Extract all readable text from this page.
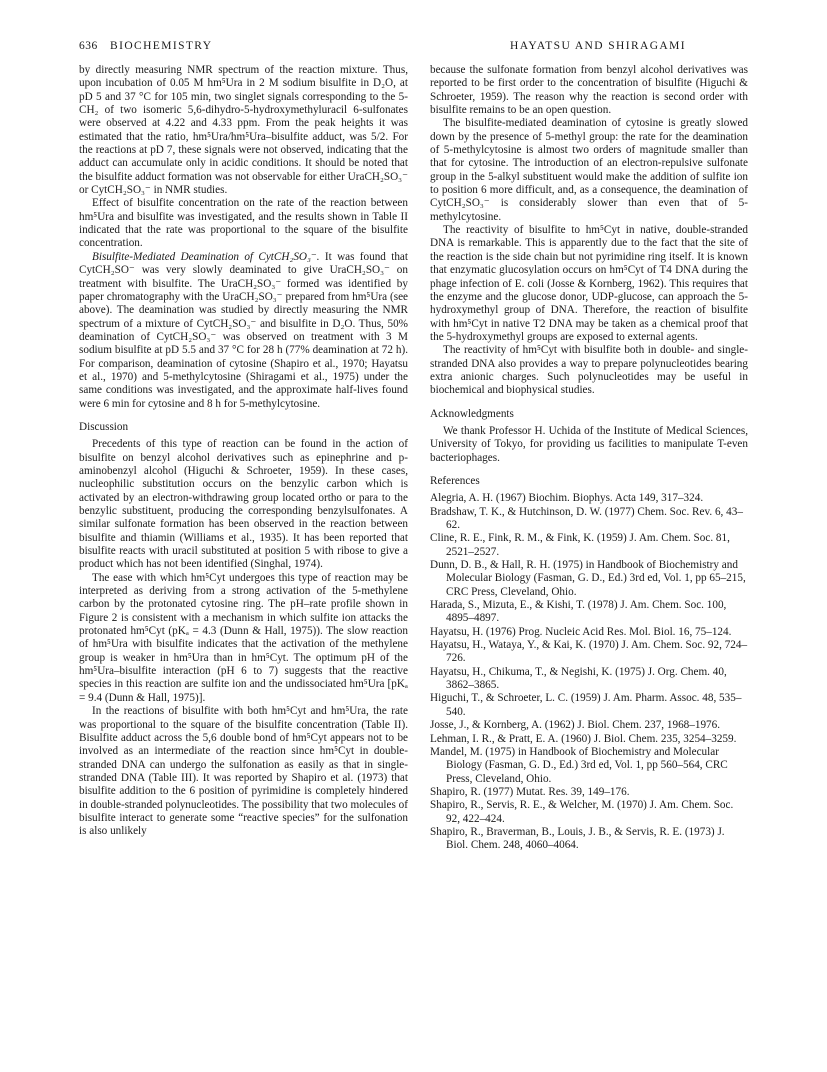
636 BIOCHEMISTRY	HAYATSU AND SHIRAGAMI

by directly measuring NMR spectrum of the reaction mixture. Thus, upon incubation of 0.05 M hm⁵Ura in 2 M sodium bisulfite in D₂O, at pD 5 and 37 °C for 105 min, two singlet signals corresponding to the 5-CH₂ of two isomeric 5,6-dihydro-5-hydroxymethyluracil 6-sulfonates were observed at 4.22 and 4.33 ppm. From the peak heights it was estimated that the ratio, hm⁵Ura/hm⁵Ura–bisulfite adduct, was 5/2. For the reactions at pD 7, these signals were not observed, indicating that the adduct can accumulate only in acidic conditions. It should be noted that the bisulfite adduct formation was not observable for either UraCH₂SO₃⁻ or CytCH₂SO₃⁻ in NMR studies.

Effect of bisulfite concentration on the rate of the reaction between hm⁵Ura and bisulfite was investigated, and the results shown in Table II indicated that the rate was proportional to the square of the bisulfite concentration.

Bisulfite-Mediated Deamination of CytCH₂SO₃⁻. It was found that CytCH₂SO⁻ was very slowly deaminated to give UraCH₂SO₃⁻ on treatment with bisulfite. The UraCH₂SO₃⁻ formed was identified by paper chromatography with the UraCH₂SO₃⁻ prepared from hm⁵Ura (see above). The deamination was studied by directly measuring the NMR spectrum of a mixture of CytCH₂SO₃⁻ and bisulfite in D₂O. Thus, 50% deamination of CytCH₂SO₃⁻ was observed on treatment with 3 M sodium bisulfite at pD 5.5 and 37 °C for 28 h (77% deamination at 72 h). For comparison, deamination of cytosine (Shapiro et al., 1970; Hayatsu et al., 1970) and 5-methylcytosine (Shiragami et al., 1975) under the same conditions was investigated, and the approximate half-lives found were 6 min for cytosine and 8 h for 5-methylcytosine.

Discussion

Precedents of this type of reaction can be found in the action of bisulfite on benzyl alcohol derivatives such as epinephrine and p-aminobenzyl alcohol (Higuchi & Schroeter, 1959). In these cases, nucleophilic substitution occurs on the benzylic carbon which is activated by an electron-withdrawing group located ortho or para to the benzylic substituent, producing the corresponding benzylsulfonates. A similar sulfonate formation has been observed in the reaction between bisulfite and thiamin (Williams et al., 1935). It has been reported that bisulfite reacts with uracil substituted at position 5 with ribose to give a product which has not been identified (Singhal, 1974).

The ease with which hm⁵Cyt undergoes this type of reaction may be interpreted as deriving from a strong activation of the 5-methylene carbon by the protonated cytosine ring. The pH–rate profile shown in Figure 2 is consistent with a mechanism in which sulfite ion attacks the protonated hm⁵Cyt (pKₐ = 4.3 (Dunn & Hall, 1975)). The slow reaction of hm⁵Ura with bisulfite indicates that the activation of the methylene group is weaker in hm⁵Ura than in hm⁵Cyt. The optimum pH of the hm⁵Ura–bisulfite interaction (pH 6 to 7) suggests that the reactive species in this reaction are sulfite ion and the undissociated hm⁵Ura [pKₐ = 9.4 (Dunn & Hall, 1975)].

In the reactions of bisulfite with both hm⁵Cyt and hm⁵Ura, the rate was proportional to the square of the bisulfite concentration (Table II). Bisulfite adduct across the 5,6 double bond of hm⁵Cyt appears not to be involved as an intermediate of the reaction since hm⁵Cyt in double-stranded DNA can undergo the sulfonation as easily as that in single-stranded DNA (Table III). It was reported by Shapiro et al. (1973) that bisulfite addition to the 6 position of pyrimidine is completely hindered in double-stranded polynucleotides. The possibility that two molecules of bisulfite interact to generate some “reactive species” for the sulfonation is also unlikely

because the sulfonate formation from benzyl alcohol derivatives was reported to be first order to the concentration of bisulfite (Higuchi & Schroeter, 1959). The reason why the reaction is second order with bisulfite remains to be an open question.

The bisulfite-mediated deamination of cytosine is greatly slowed down by the presence of 5-methyl group: the rate for the deamination of 5-methylcytosine is almost two orders of magnitude smaller than that for cytosine. The introduction of an electron-repulsive sulfonate group in the 5-alkyl substituent would make the addition of sulfite ion to position 6 more difficult, and, as a consequence, the deamination of CytCH₂SO₃⁻ is considerably slower than even that of 5-methylcytosine.

The reactivity of bisulfite to hm⁵Cyt in native, double-stranded DNA is remarkable. This is apparently due to the fact that the site of the reaction is the side chain but not pyrimidine ring itself. It is known that enzymatic glucosylation occurs on hm⁵Cyt of T4 DNA during the phage infection of E. coli (Josse & Kornberg, 1962). This requires that the enzyme and the glucose donor, UDP-glucose, can approach the 5-hydroxymethyl group of DNA. Therefore, the reaction of bisulfite with hm⁵Cyt in native T2 DNA may be taken as a chemical proof that the 5-hydroxymethyl groups are exposed to external agents.

The reactivity of hm⁵Cyt with bisulfite both in double- and single-stranded DNA also provides a way to prepare polynucleotides bearing extra anionic charges. Such polynucleotides may be useful in biochemical and biophysical studies.

Acknowledgments

We thank Professor H. Uchida of the Institute of Medical Sciences, University of Tokyo, for providing us facilities to manipulate T-even bacteriophages.

References

Alegria, A. H. (1967) Biochim. Biophys. Acta 149, 317–324.

Bradshaw, T. K., & Hutchinson, D. W. (1977) Chem. Soc. Rev. 6, 43–62.

Cline, R. E., Fink, R. M., & Fink, K. (1959) J. Am. Chem. Soc. 81, 2521–2527.

Dunn, D. B., & Hall, R. H. (1975) in Handbook of Biochemistry and Molecular Biology (Fasman, G. D., Ed.) 3rd ed, Vol. 1, pp 65–215, CRC Press, Cleveland, Ohio.

Harada, S., Mizuta, E., & Kishi, T. (1978) J. Am. Chem. Soc. 100, 4895–4897.

Hayatsu, H. (1976) Prog. Nucleic Acid Res. Mol. Biol. 16, 75–124.

Hayatsu, H., Wataya, Y., & Kai, K. (1970) J. Am. Chem. Soc. 92, 724–726.

Hayatsu, H., Chikuma, T., & Negishi, K. (1975) J. Org. Chem. 40, 3862–3865.

Higuchi, T., & Schroeter, L. C. (1959) J. Am. Pharm. Assoc. 48, 535–540.

Josse, J., & Kornberg, A. (1962) J. Biol. Chem. 237, 1968–1976.

Lehman, I. R., & Pratt, E. A. (1960) J. Biol. Chem. 235, 3254–3259.

Mandel, M. (1975) in Handbook of Biochemistry and Molecular Biology (Fasman, G. D., Ed.) 3rd ed, Vol. 1, pp 560–564, CRC Press, Cleveland, Ohio.

Shapiro, R. (1977) Mutat. Res. 39, 149–176.

Shapiro, R., Servis, R. E., & Welcher, M. (1970) J. Am. Chem. Soc. 92, 422–424.

Shapiro, R., Braverman, B., Louis, J. B., & Servis, R. E. (1973) J. Biol. Chem. 248, 4060–4064.
